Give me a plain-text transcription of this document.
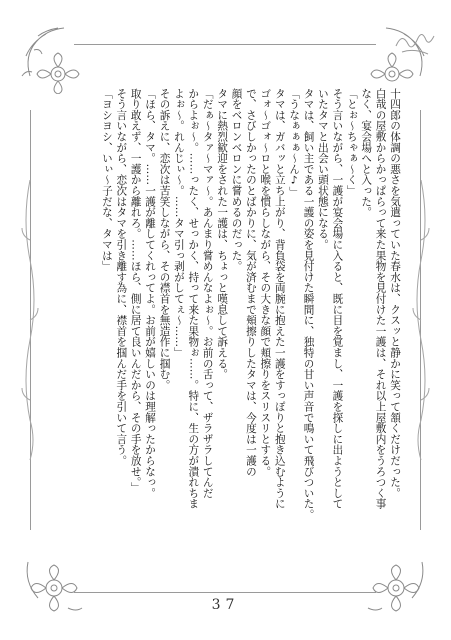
十四郎の体調の悪さを気遣っていた春水は、クスッと静かに笑って頷くだけだった。

白哉の屋敷からかっぱらって来た果物を見付けた一護は、それ以上屋敷内をうろつく事

なく、宴会場へと入った。

「とぉ〜ちゃぁ〜く」

そう言いながら、一護が宴会場に入ると、既に目を覚まし、一護を探しに出ようとして

いたタマと出会い頭状態になる。

タマは、飼い主である一護の姿を見付けた瞬間に、独特の甘い声音で鳴いて飛びついた。

「うなぁぁぁ〜ん♪」

タマは、ガバッと立ち上がり、背負袋を両腕に抱えた一護をすっぽりと抱き込むように

ゴォ〜ゴォ〜ロと喉を慣らしながら、その大きな顔で頬擦りをスリスリとする。

で、さびしかったのとばかりに、気が済むまで頬擦りしたタマは、今度は一護の

顔をベロンベロンに嘗めるのだった。

タマに熱烈歓迎をされた一護は、ちょっと嘆息して訴える。

「だぁ〜タァ〜マァ〜。あんまり嘗めんなよぉ〜。お前の舌って、ザラザラしてんだ

からよぉ〜。……ったく、せっかく、持って来た果物ぉ……。特に、生の方が潰れちま

よぉ〜。れんじぃ〜。……タマ引っ剥がしてぇ〜……」

その訴えに、恋次は苦笑しながら、その襟首を無造作に掴む。

「ほら、タマ。……一護が離してくれってよ。お前が嬉しいのは理解ったからなっ。

取り敢えず、一護から離れろ。……ほら、側に居て良いんだから、その手を放せ。」

そう言いながら、恋次はタマを引き離す為に、襟首を掴んだ手を引いて言う。

「ヨシヨシ、いぃ〜子だな、タマは」

37
